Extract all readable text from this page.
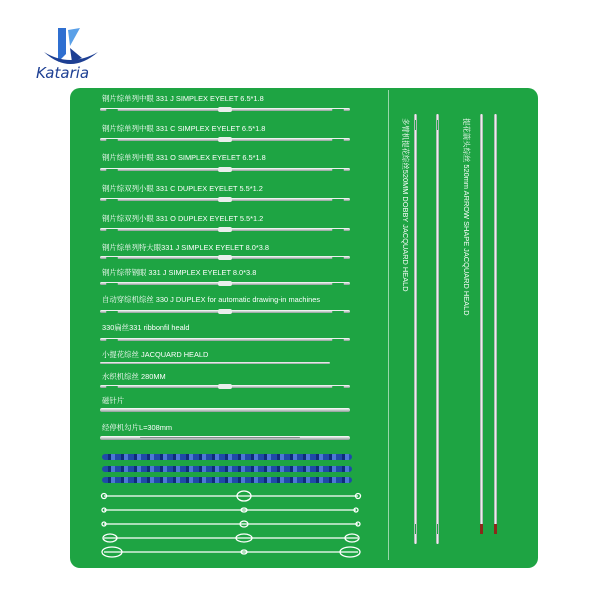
Kataria
钢片综单列中眼 331 J SIMPLEX EYELET 6.5*1.8
钢片综单列中眼 331 C SIMPLEX EYELET 6.5*1.8
钢片综单列中眼 331 O SIMPLEX EYELET 6.5*1.8
钢片综双列小眼 331 C DUPLEX EYELET 5.5*1.2
钢片综双列小眼 331 O DUPLEX EYELET 5.5*1.2
钢片综单列特大眼331 J SIMPLEX EYELET 8.0*3.8
钢片综带钢眼 331 J SIMPLEX EYELET 8.0*3.8
自动穿综机综丝 330 J DUPLEX for automatic drawing-in machines
330扁丝331 ribbonfil heald
小提花综丝 JACQUARD HEALD
水织机综丝 280MM
磁针片
经停机勾片L=308mm
多臂机提花综丝520MM DOBBY JACQUARD HEALD	提花箭头综丝 520mm ARROW SHAPE JACQUARD HEALD
